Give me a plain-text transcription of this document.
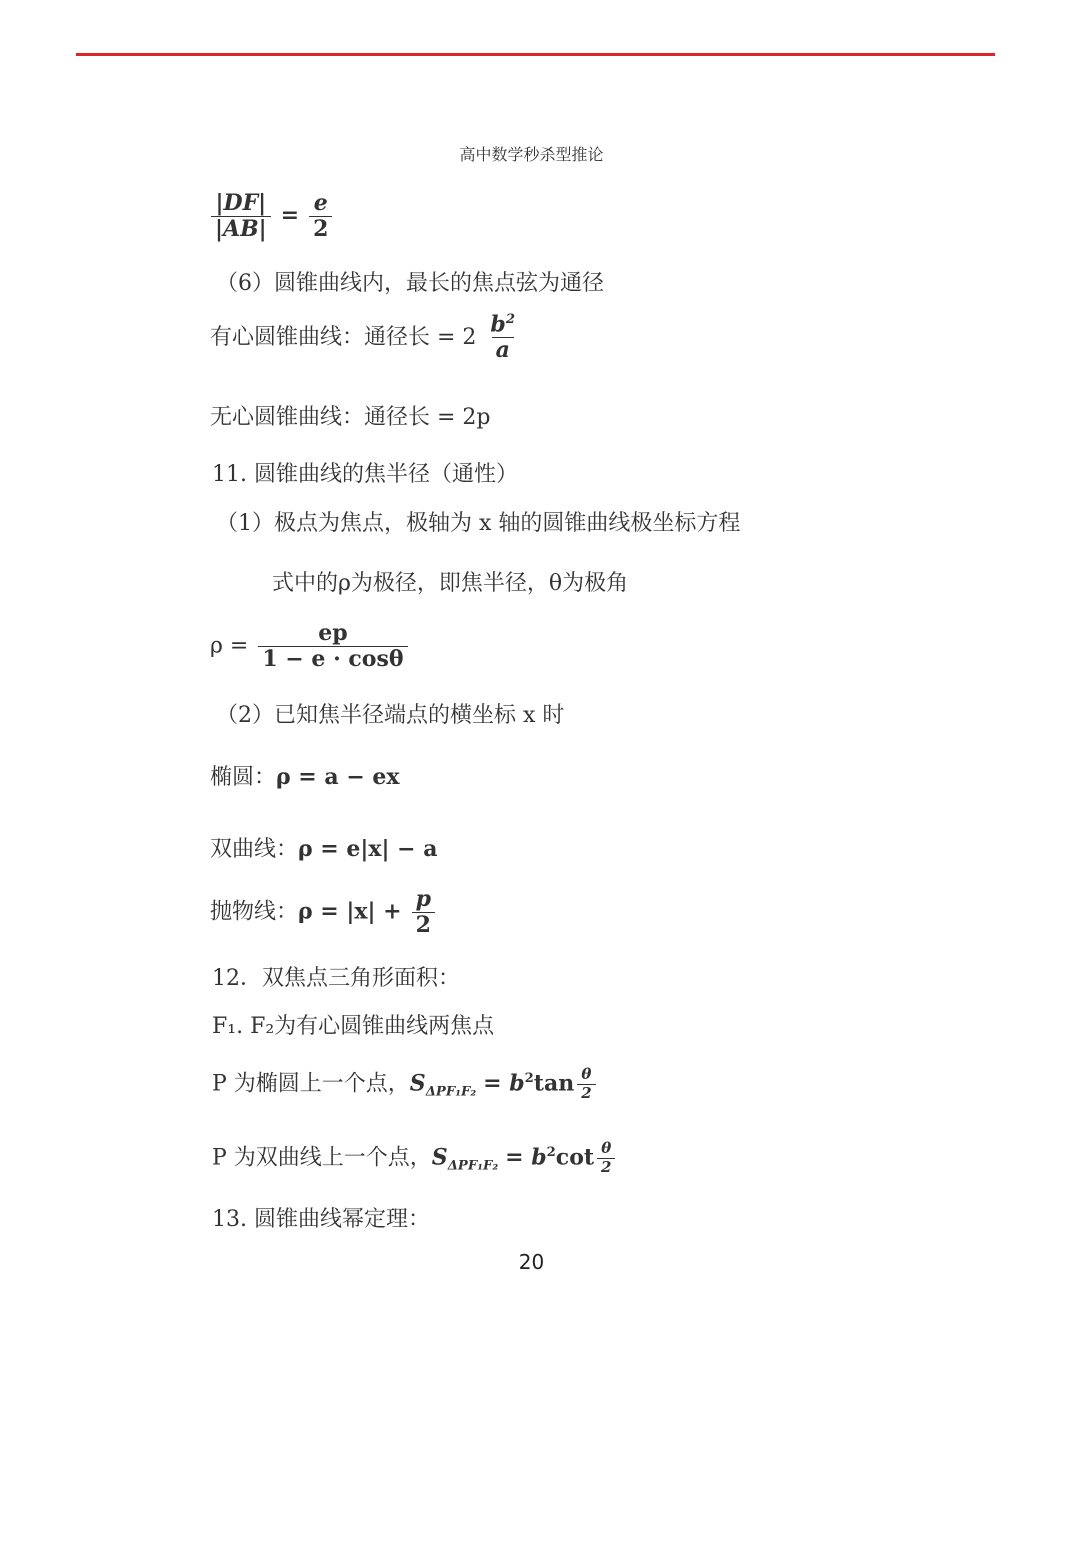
高中数学秒杀型推论
$\frac{|DF|}{|AB|} = \frac{e}{2}$
（6）圆锥曲线内，最长的焦点弦为通径
有心圆锥曲线：通径长 = $2 \frac{b^2}{a}$
无心圆锥曲线：通径长 = 2p
11. 圆锥曲线的焦半径（通性）
（1）极点为焦点，极轴为 x 轴的圆锥曲线极坐标方程
式中的ρ为极径，即焦半径，θ为极角
$\rho = \frac{ep}{1 - e \cdot \cos\theta}$
（2）已知焦半径端点的横坐标 x 时
椭圆：ρ = a − ex
双曲线：ρ = e|x| − a
抛物线：$\rho = |x| + \frac{p}{2}$
12．双焦点三角形面积：
F₁. F₂为有心圆锥曲线两焦点
P 为椭圆上一个点，$S_{\Delta PF_1F_2} = b^2\tan \frac{\theta}{2}$
P 为双曲线上一个点，$S_{\Delta PF_1F_2} = b^2\cot \frac{\theta}{2}$
13. 圆锥曲线幂定理：
20
